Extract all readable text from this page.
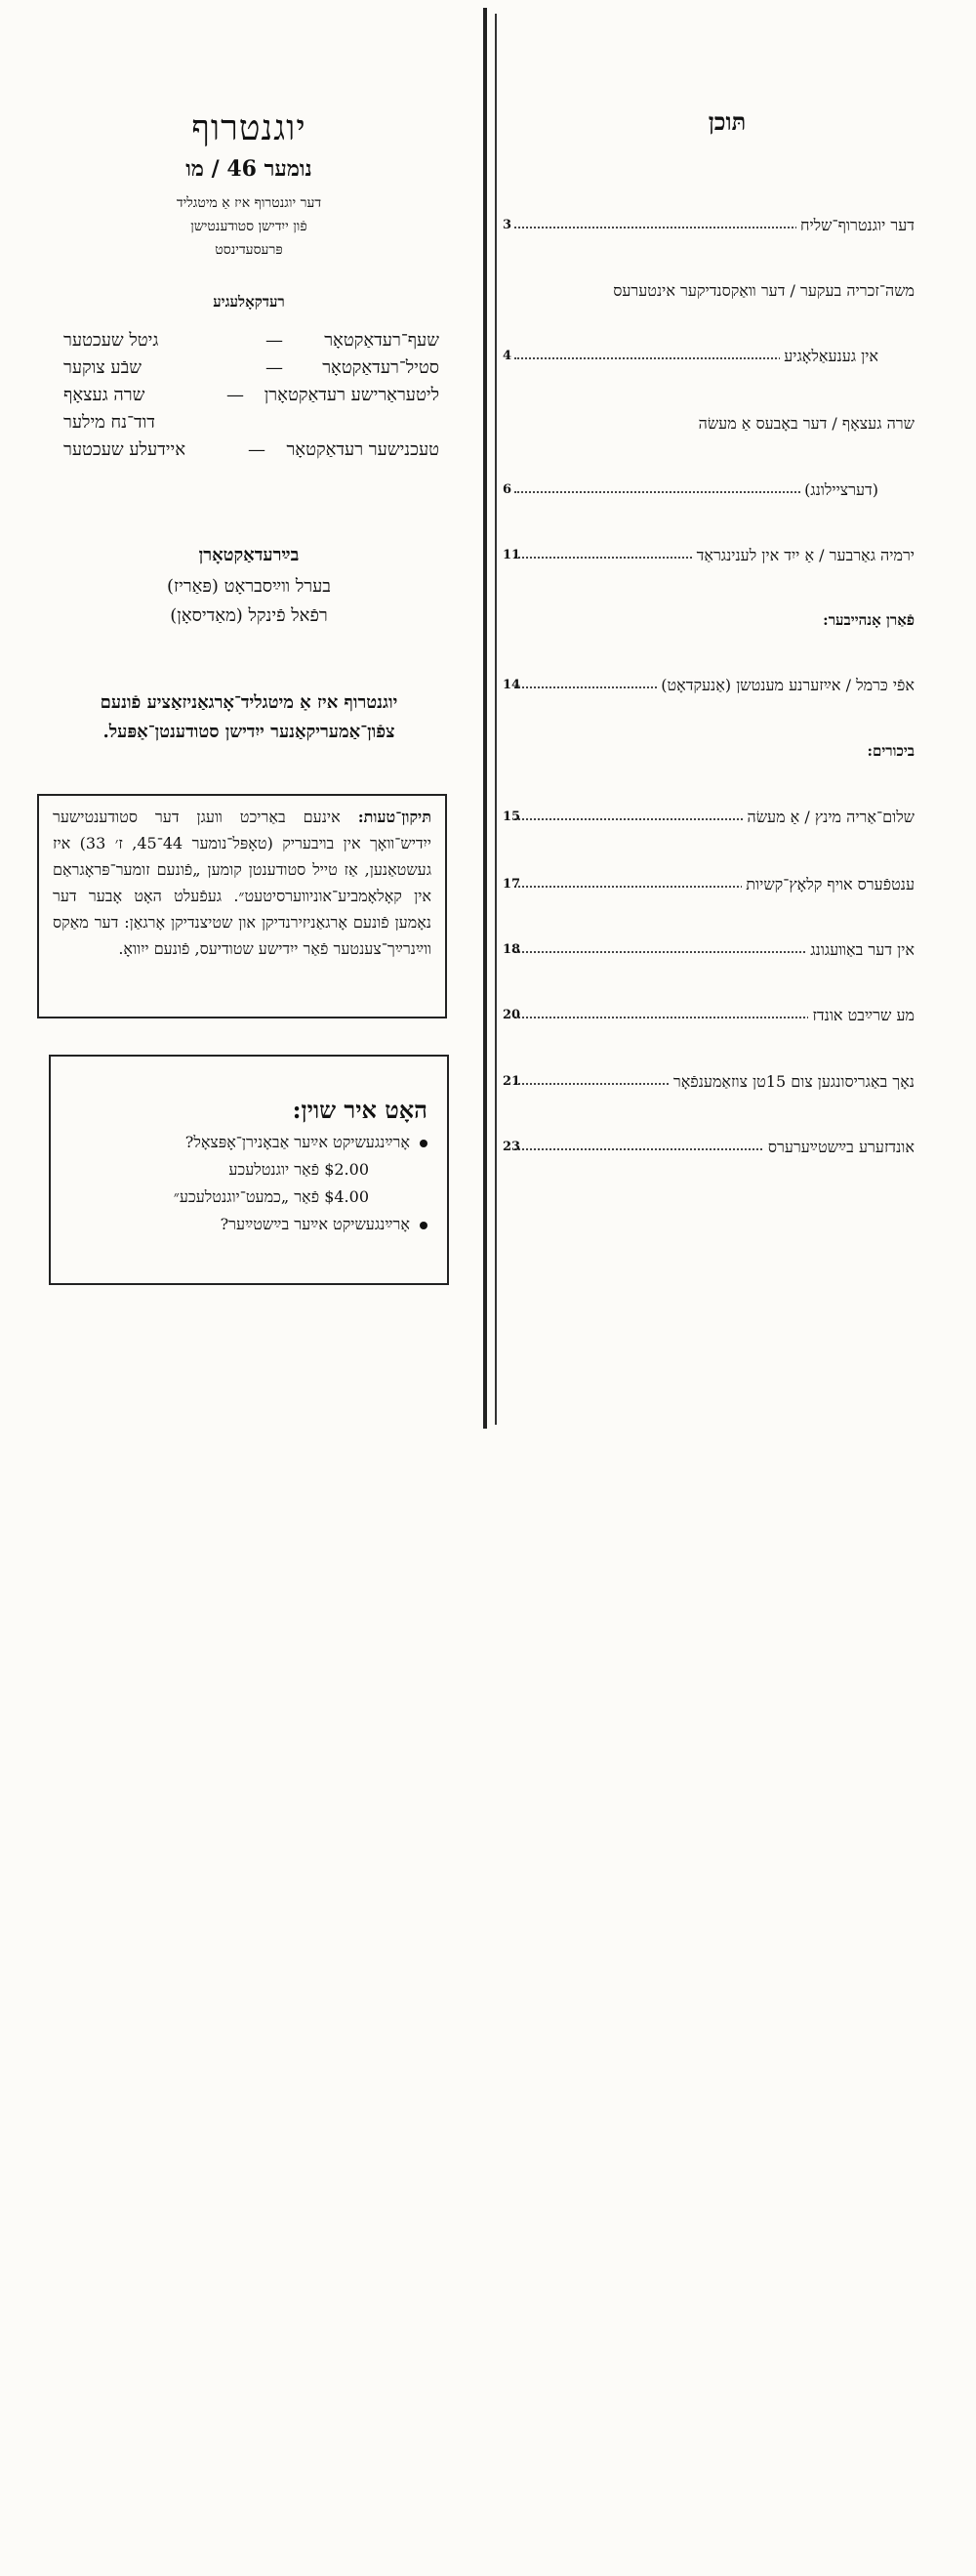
יוגנטרוף
נומער 46 / מו
דער יוגנטרוף איז אַ מיטגליד
פֿון ייִדישן סטודענטישן
פּרעסעדינסט
רעדקאָלעגיע
שעף־רעדאַקטאָר
—
גיטל שעכטער
סטיל־רעדאַקטאָר
—
שבֿע צוקער
ליטעראַרישע רעדאַקטאָרן
—
שרה געצאָף
דוד־נח מילער
טעכנישער רעדאַקטאָר
—
איידעלע שעכטער
בײַרעדאַקטאָרן
בערל װײַסבראָט (פּאַריז)
רפֿאל פֿינקל (מאַדיסאָן)
יוגנטרוף איז אַ מיטגליד־אָרגאַניזאַציע פֿונעם
צפֿון־אַמעריקאַנער ייִדישן סטודענטן־אַפּעל.

תּיקון־טעות: אינעם באַריכט װעגן דער סטודענטישער ייִדיש־װאָך אין בױבעריק (טאָפּל־נומער 44־45, ז׳ 33) איז געשטאַנען, אַז טייל סטודענטן קומען „פֿונעם זומער־פּראָגראַם אין קאָלאָמביע־אוניװערסיטעט״. געפֿעלט האָט אָבער דער נאָמען פֿונעם אָרגאַניזירנדיקן און שטיצנדיקן אָרגאַן: דער מאַקס װײַנרײַך־צענטער פֿאַר ייִדישע שטודיעס, פֿונעם ייִוואָ.

האָט איר שוין:
אָרײַנגעשיקט אײַער אַבאָנירן־אָפּצאָל?
$2.00 פֿאַר יוגנטלעכע
$4.00 פֿאַר „כמעט־יוגנטלעכע״
אָרײַנגעשיקט אײַער בײַשטײַער?
תּוכן
דער יוגנטרוף־שליח
3
משה־זכריה בעקער / דער װאַקסנדיקער אינטערעס
אין גענעאַלאָגיע
4
שרה געצאָף / דער באָבעס אַ מעשׂה
(דערציילונג)
6
ירמיה גאַרבער / אַ ייִד אין לענינגראַד
11
פֿאַרן אָנהייבער:
אפֿי כּרמל / אײַזערנע מענטשן (אַנעקדאָט)
14
ביכורים:
שלום־אַריה מינץ / אַ מעשׂה
15
ענטפֿערס אויף קלאָץ־קשיות
17
אין דער באַװעגונג
18
מע שרײַבט אונדז
20
נאָך באַגריסונגען צום 15טן צוזאַמענפֿאָר
21
אונדזערע בײַשטײַערערס
23
